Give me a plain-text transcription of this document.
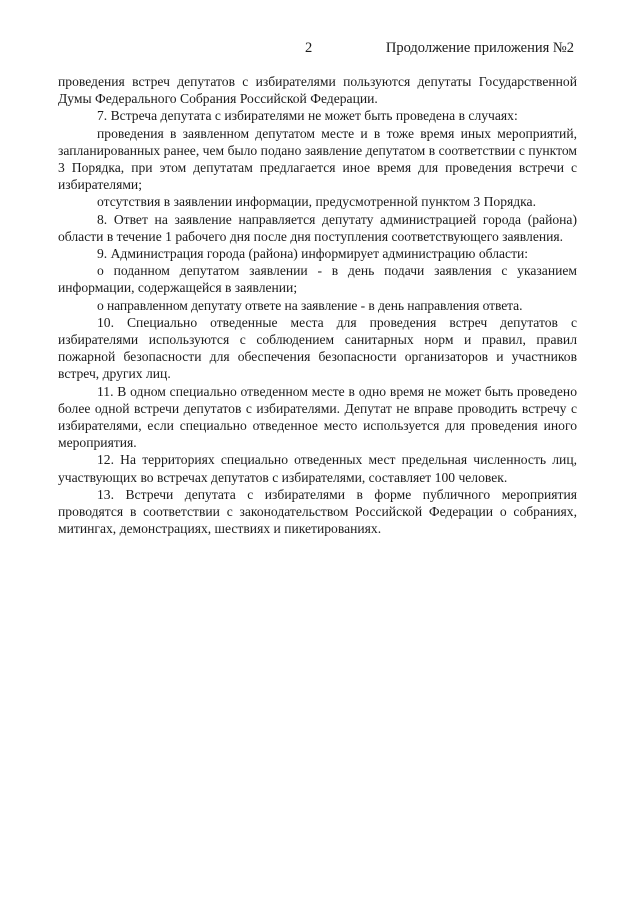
2	Продолжение приложения №2

проведения встреч депутатов с избирателями пользуются депутаты Государственной Думы Федерального Собрания Российской Федерации.

7. Встреча депутата с избирателями не может быть проведена в случаях:

проведения в заявленном депутатом месте и в тоже время иных мероприятий, запланированных ранее, чем было подано заявление депутатом в соответствии с пунктом 3 Порядка, при этом депутатам предлагается иное время для проведения встречи с избирателями;

отсутствия в заявлении информации, предусмотренной пунктом 3 Порядка.

8. Ответ на заявление направляется депутату администрацией города (района) области в течение 1 рабочего дня после дня поступления соответствующего заявления.

9. Администрация города (района) информирует администрацию области:

о поданном депутатом заявлении - в день подачи заявления с указанием информации, содержащейся в заявлении;

о направленном депутату ответе на заявление - в день направления ответа.

10. Специально отведенные места для проведения встреч депутатов с избирателями используются с соблюдением санитарных норм и правил, правил пожарной безопасности для обеспечения безопасности организаторов и участников встреч, других лиц.

11. В одном специально отведенном месте в одно время не может быть проведено более одной встречи депутатов с избирателями. Депутат не вправе проводить встречу с избирателями, если специально отведенное место используется для проведения иного мероприятия.

12. На территориях специально отведенных мест предельная численность лиц, участвующих во встречах депутатов с избирателями, составляет 100 человек.

13. Встречи депутата с избирателями в форме публичного мероприятия проводятся в соответствии с законодательством Российской Федерации о собраниях, митингах, демонстрациях, шествиях и пикетированиях.
